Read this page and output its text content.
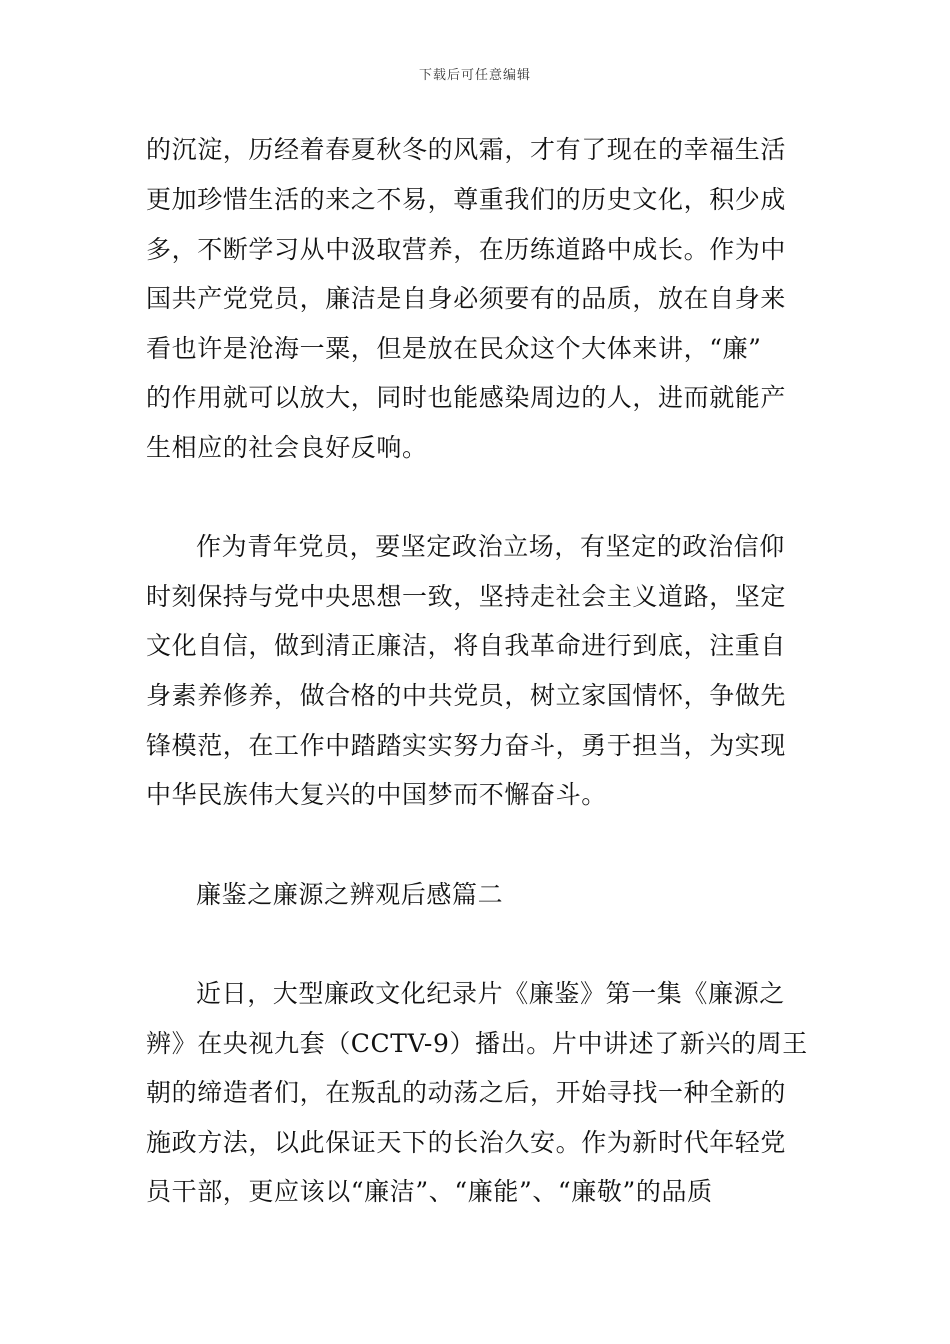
下载后可任意编辑
的沉淀，历经着春夏秋冬的风霜，才有了现在的幸福生活
更加珍惜生活的来之不易，尊重我们的历史文化，积少成
多，不断学习从中汲取营养，在历练道路中成长。作为中
国共产党党员，廉洁是自身必须要有的品质，放在自身来
看也许是沧海一粟，但是放在民众这个大体来讲，“廉”
的作用就可以放大，同时也能感染周边的人，进而就能产
生相应的社会良好反响。
作为青年党员，要坚定政治立场，有坚定的政治信仰
时刻保持与党中央思想一致，坚持走社会主义道路，坚定
文化自信，做到清正廉洁，将自我革命进行到底，注重自
身素养修养，做合格的中共党员，树立家国情怀，争做先
锋模范，在工作中踏踏实实努力奋斗，勇于担当，为实现
中华民族伟大复兴的中国梦而不懈奋斗。
廉鉴之廉源之辨观后感篇二
近日，大型廉政文化纪录片《廉鉴》第一集《廉源之
辨》在央视九套（CCTV-9）播出。片中讲述了新兴的周王
朝的缔造者们，在叛乱的动荡之后，开始寻找一种全新的
施政方法，以此保证天下的长治久安。作为新时代年轻党
员干部，更应该以“廉洁”、“廉能”、“廉敬”的品质
